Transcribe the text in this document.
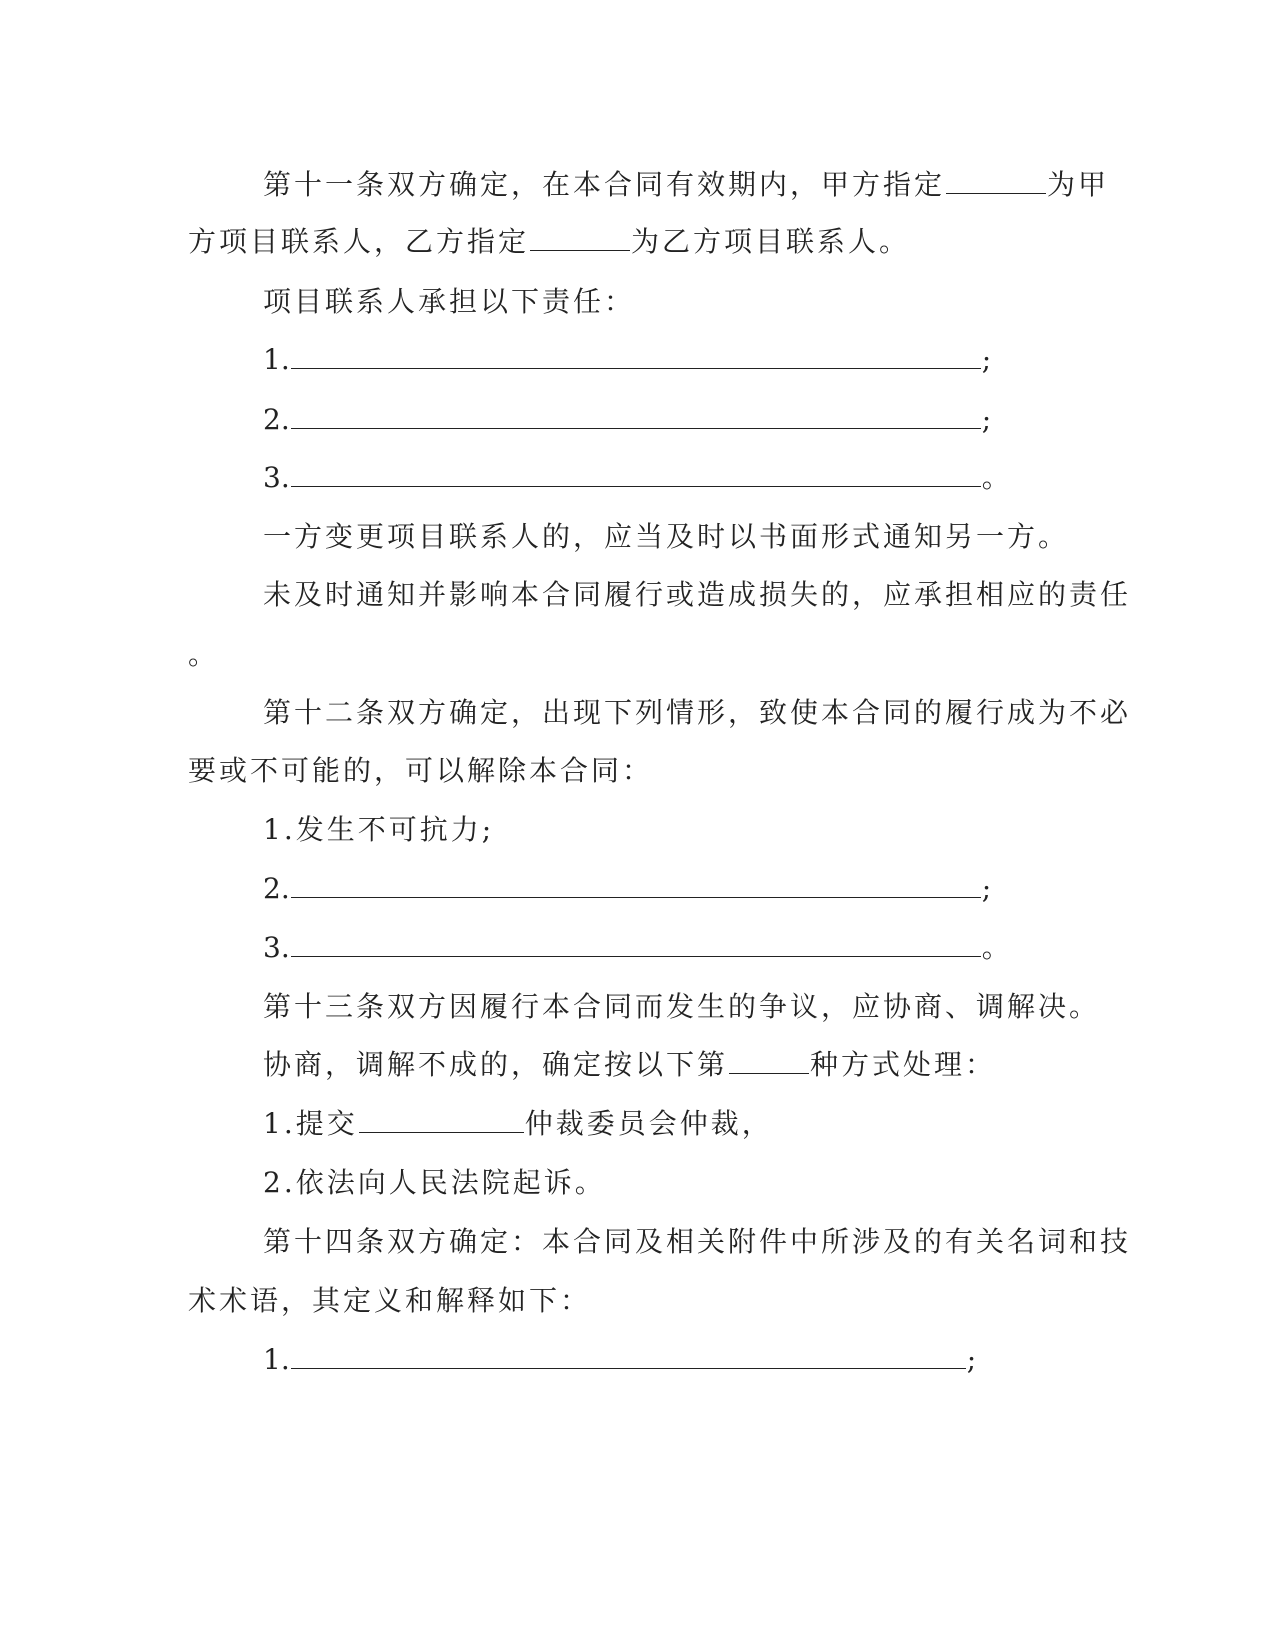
第十一条双方确定，在本合同有效期内，甲方指定	为甲
方项目联系人，乙方指定	为乙方项目联系人。
项目联系人承担以下责任：
1.	;
2.	;
3.	。
一方变更项目联系人的，应当及时以书面形式通知另一方。
未及时通知并影响本合同履行或造成损失的，应承担相应的责任
。
第十二条双方确定，出现下列情形，致使本合同的履行成为不必
要或不可能的，可以解除本合同：
1.发生不可抗力;
2.	;
3.	。
第十三条双方因履行本合同而发生的争议，应协商、调解决。
协商，调解不成的，确定按以下第	种方式处理：
1.提交	仲裁委员会仲裁，
2.依法向人民法院起诉。
第十四条双方确定：本合同及相关附件中所涉及的有关名词和技
术术语，其定义和解释如下：
1.	;
